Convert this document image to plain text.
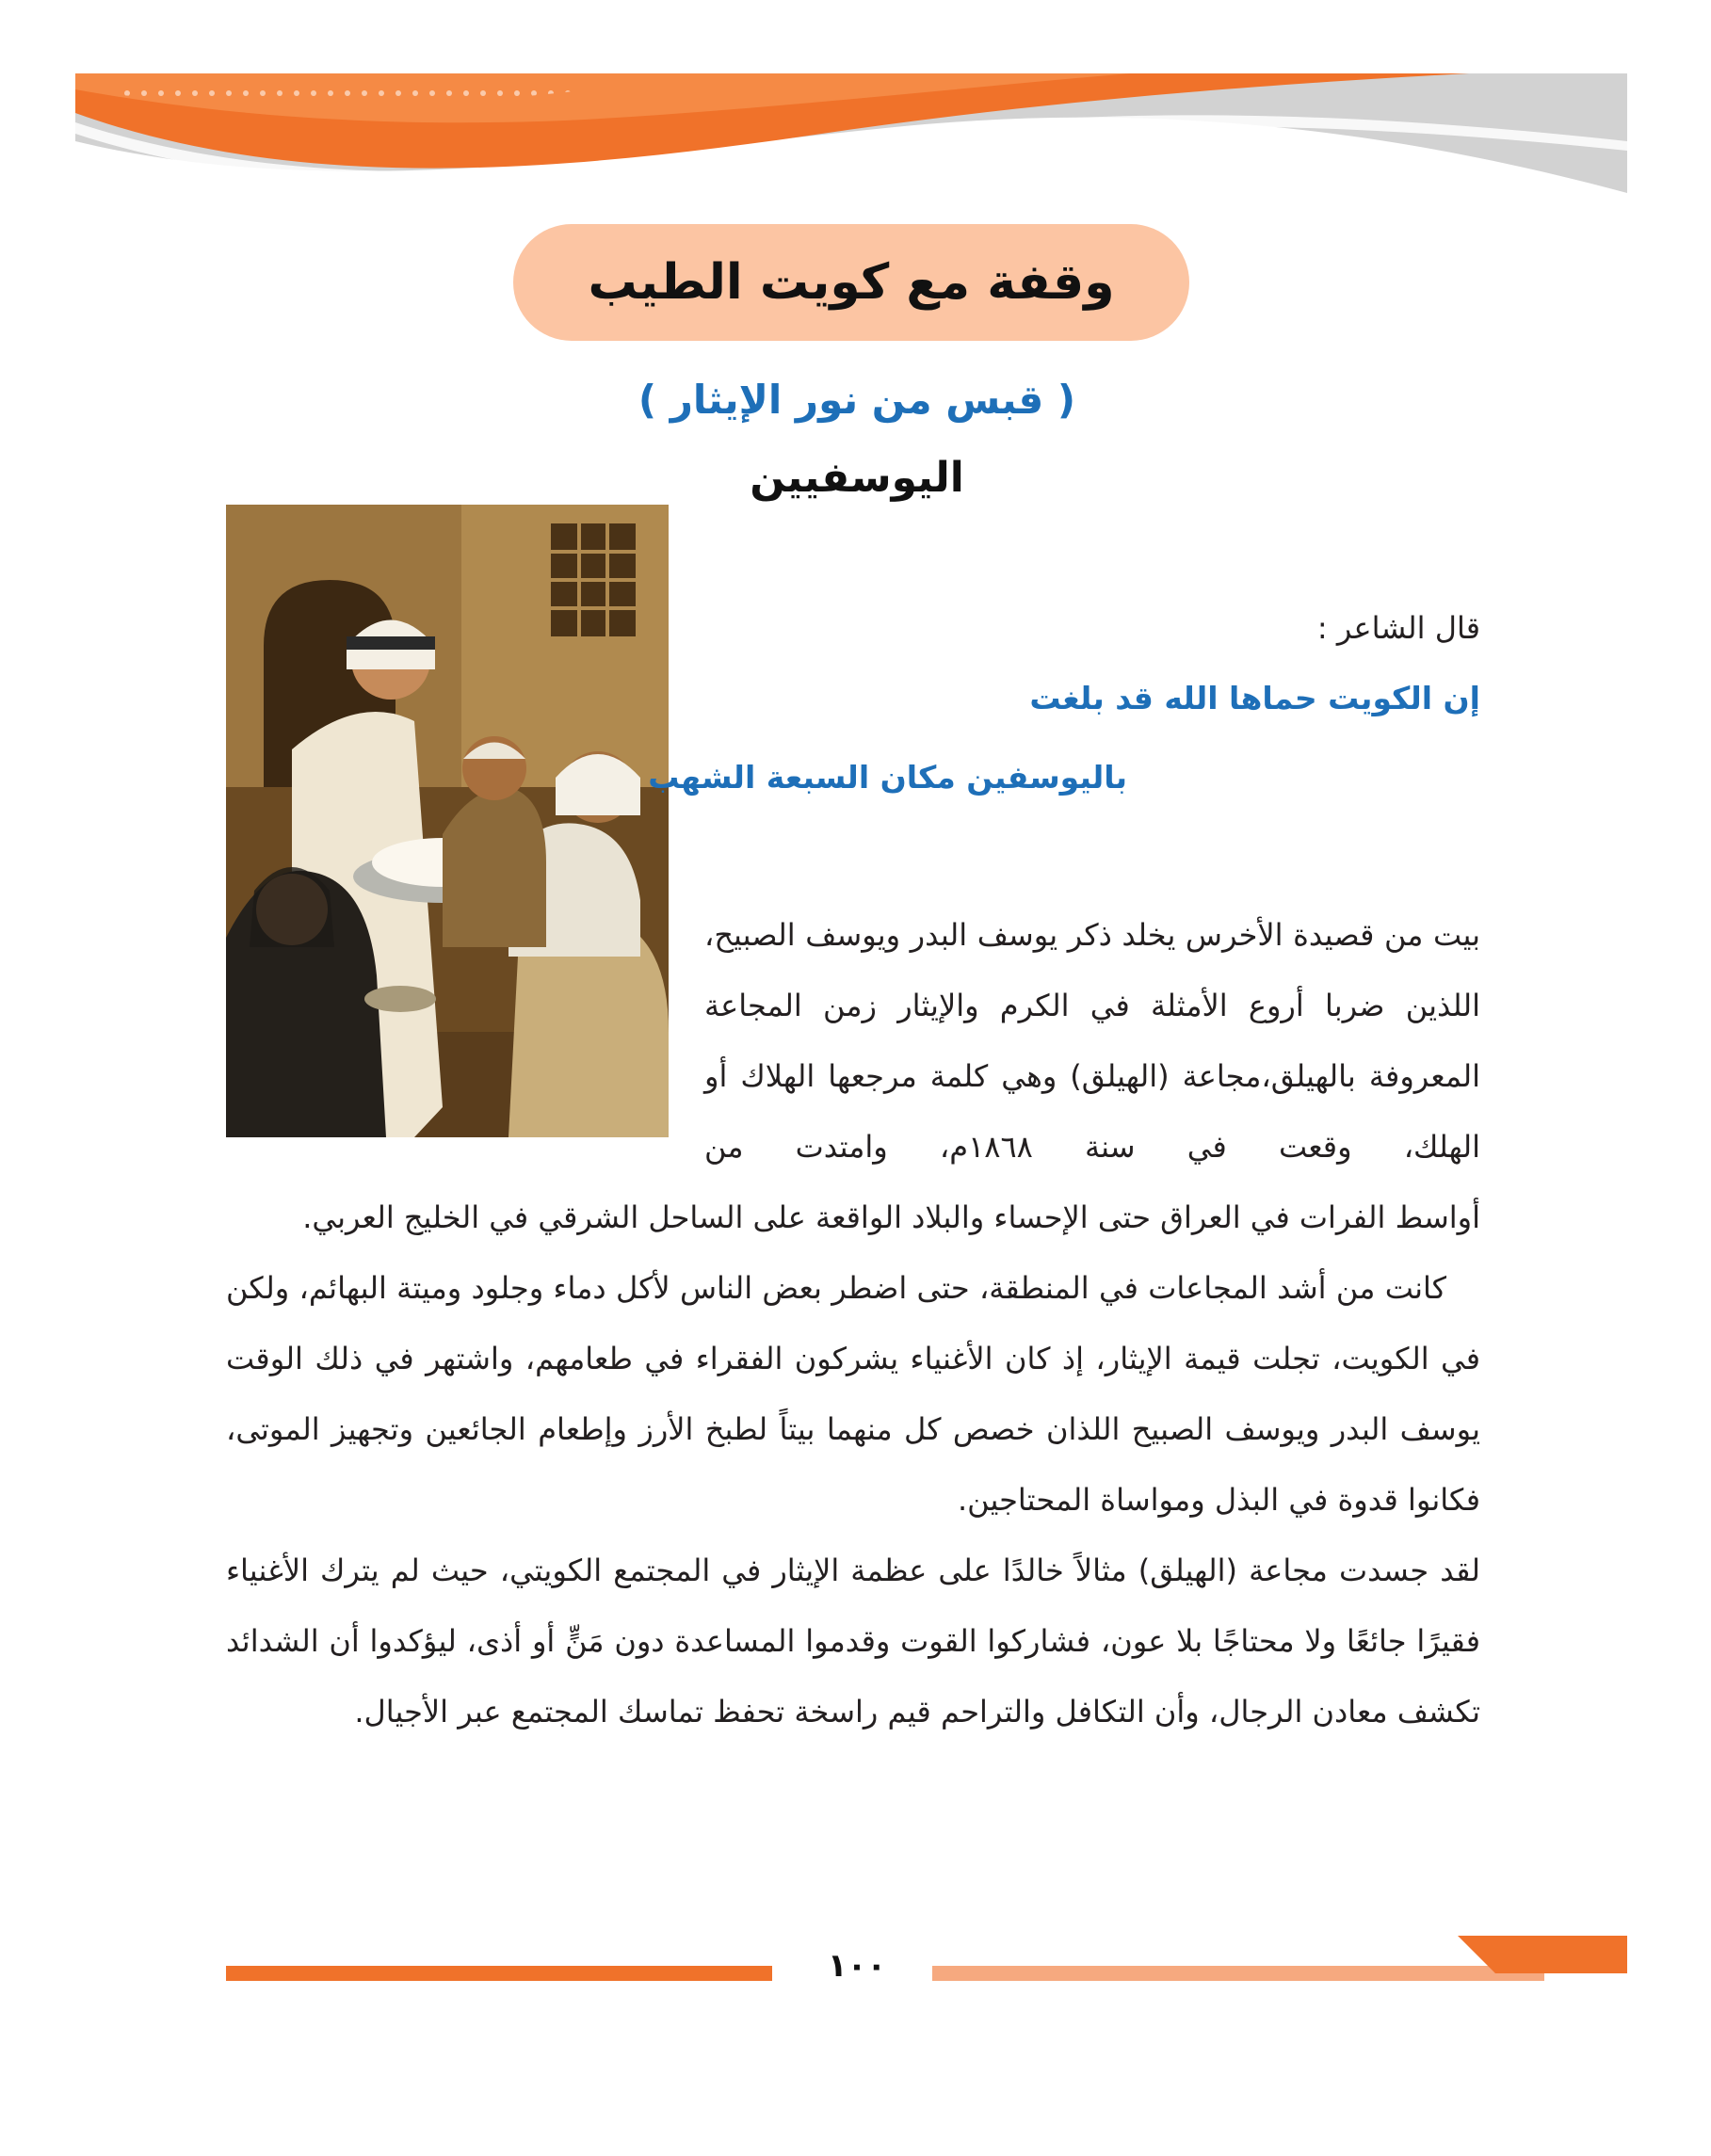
وقفة مع كويت الطيب

( قبس من نور الإيثار )

اليوسفيين

قال الشاعر :

إن الكويت حماها الله قد بلغت

باليوسفين مكان السبعة الشهب

بيت من قصيدة الأخرس يخلد ذكر يوسف البدر ويوسف الصبيح، اللذين ضربا أروع الأمثلة في الكرم والإيثار زمن المجاعة المعروفة بالهيلق،مجاعة (الهيلق) وهي كلمة مرجعها الهلاك أو الهلك، وقعت في سنة ١٨٦٨م، وامتدت من

أواسط الفرات في العراق حتى الإحساء والبلاد الواقعة على الساحل الشرقي في الخليج العربي.

كانت من أشد المجاعات في المنطقة، حتى اضطر بعض الناس لأكل دماء وجلود وميتة البهائم، ولكن في الكويت، تجلت قيمة الإيثار، إذ كان الأغنياء يشركون الفقراء في طعامهم، واشتهر في ذلك الوقت يوسف البدر ويوسف الصبيح اللذان خصص كل منهما بيتاً لطبخ الأرز وإطعام الجائعين وتجهيز الموتى، فكانوا قدوة في البذل ومواساة المحتاجين.

لقد جسدت مجاعة (الهيلق) مثالاً خالدًا على عظمة الإيثار في المجتمع الكويتي، حيث لم يترك الأغنياء فقيرًا جائعًا ولا محتاجًا بلا عون، فشاركوا القوت وقدموا المساعدة دون مَنٍّ أو أذى، ليؤكدوا أن الشدائد تكشف معادن الرجال، وأن التكافل والتراحم قيم راسخة تحفظ تماسك المجتمع عبر الأجيال.

١٠٠
